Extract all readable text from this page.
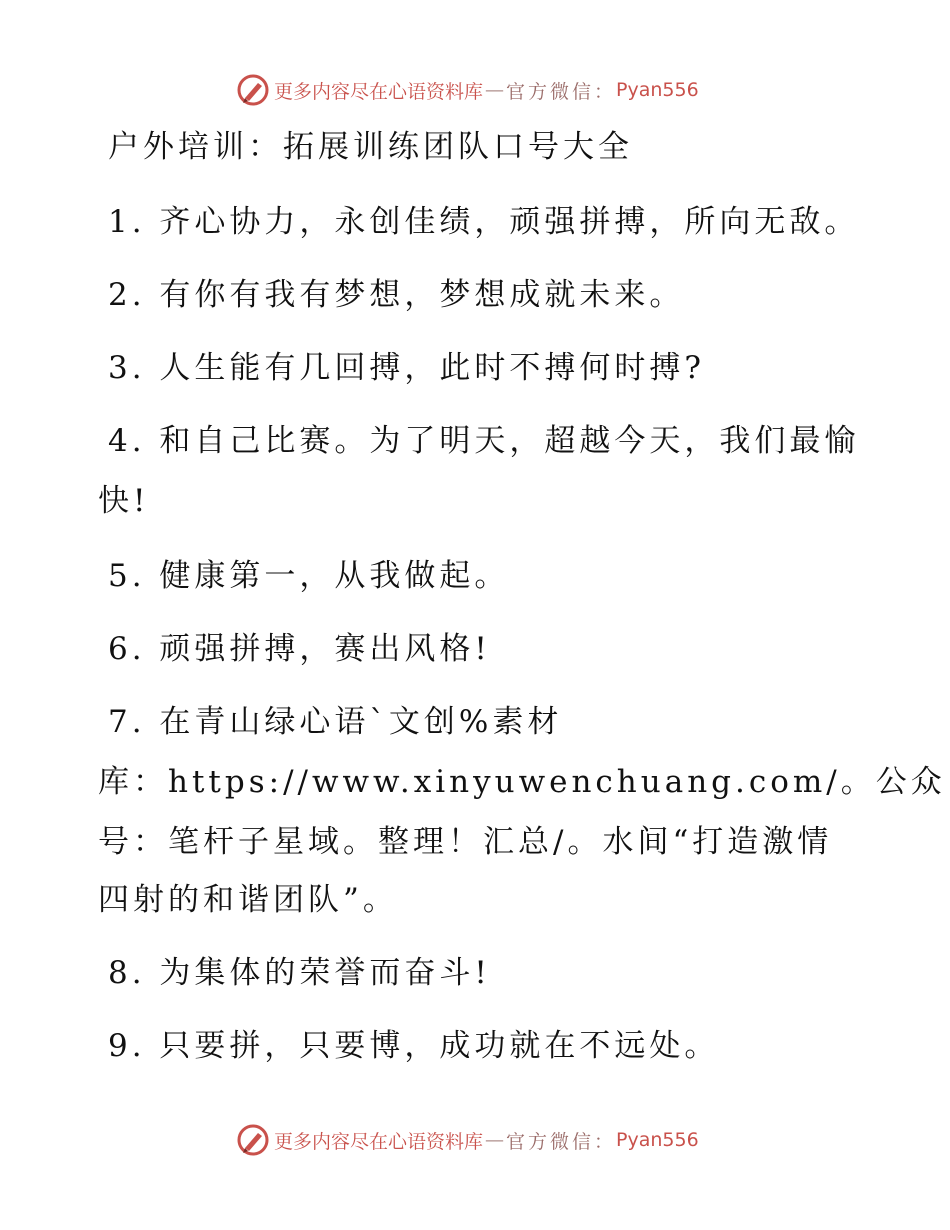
更多内容尽在心语资料库 — 官方微信： Pyan556
户外培训：拓展训练团队口号大全
1. 齐心协力，永创佳绩，顽强拼搏，所向无敌。
2. 有你有我有梦想，梦想成就未来。
3. 人生能有几回搏，此时不搏何时搏?
4. 和自己比赛。为了明天，超越今天，我们最愉
快!
5. 健康第一，从我做起。
6. 顽强拼搏，赛出风格!
7. 在青山绿心语`文创%素材
库：https://www.xinyuwenchuang.com/。公众
号：笔杆子星域。整理！汇总/。水间“打造激情
四射的和谐团队”。
8. 为集体的荣誉而奋斗!
9. 只要拼，只要博，成功就在不远处。
更多内容尽在心语资料库 — 官方微信： Pyan556
